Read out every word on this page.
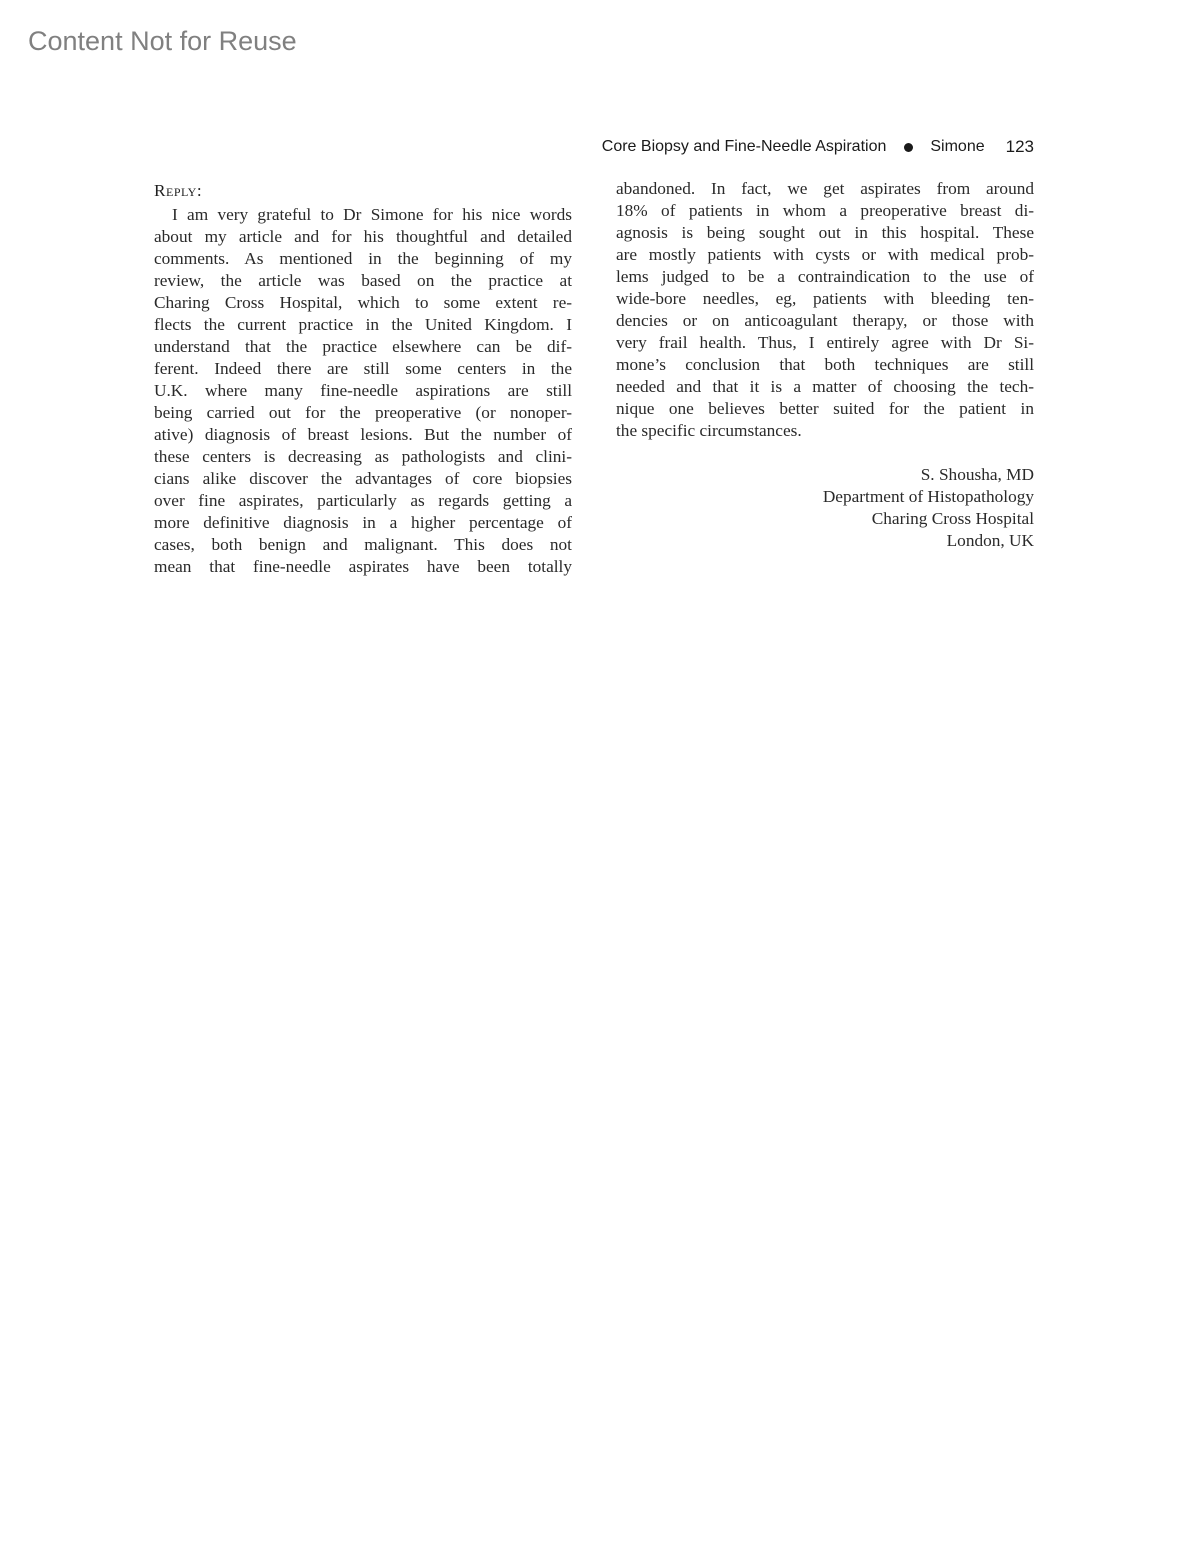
Content Not for Reuse
Core Biopsy and Fine-Needle Aspiration	Simone 123
Reply:
I am very grateful to Dr Simone for his nice words
about my article and for his thoughtful and detailed
comments. As mentioned in the beginning of my
review, the article was based on the practice at
Charing Cross Hospital, which to some extent re-
flects the current practice in the United Kingdom. I
understand that the practice elsewhere can be dif-
ferent. Indeed there are still some centers in the
U.K. where many fine-needle aspirations are still
being carried out for the preoperative (or nonoper-
ative) diagnosis of breast lesions. But the number of
these centers is decreasing as pathologists and clini-
cians alike discover the advantages of core biopsies
over fine aspirates, particularly as regards getting a
more definitive diagnosis in a higher percentage of
cases, both benign and malignant. This does not
mean that fine-needle aspirates have been totally
abandoned. In fact, we get aspirates from around
18% of patients in whom a preoperative breast di-
agnosis is being sought out in this hospital. These
are mostly patients with cysts or with medical prob-
lems judged to be a contraindication to the use of
wide-bore needles, eg, patients with bleeding ten-
dencies or on anticoagulant therapy, or those with
very frail health. Thus, I entirely agree with Dr Si-
mone’s conclusion that both techniques are still
needed and that it is a matter of choosing the tech-
nique one believes better suited for the patient in
the specific circumstances.
S. Shousha, MD
Department of Histopathology
Charing Cross Hospital
London, UK
